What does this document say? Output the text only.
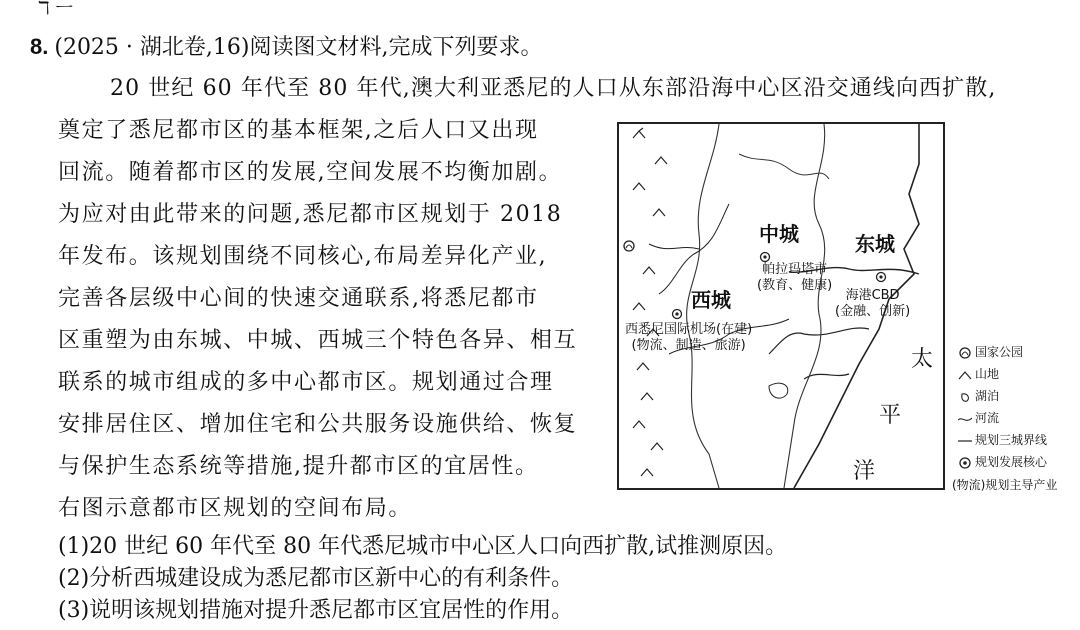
ℸ ㅡ
8. (2025 · 湖北卷,16)阅读图文材料,完成下列要求。
20 世纪 60 年代至 80 年代,澳大利亚悉尼的人口从东部沿海中心区沿交通线向西扩散,
奠定了悉尼都市区的基本框架,之后人口又出现
回流。随着都市区的发展,空间发展不均衡加剧。
为应对由此带来的问题,悉尼都市区规划于 2018
年发布。该规划围绕不同核心,布局差异化产业,
完善各层级中心间的快速交通联系,将悉尼都市
区重塑为由东城、中城、西城三个特色各异、相互
联系的城市组成的多中心都市区。规划通过合理
安排居住区、增加住宅和公共服务设施供给、恢复
与保护生态系统等措施,提升都市区的宜居性。
右图示意都市区规划的空间布局。
(1)20 世纪 60 年代至 80 年代悉尼城市中心区人口向西扩散,试推测原因。
(2)分析西城建设成为悉尼都市区新中心的有利条件。
(3)说明该规划措施对提升悉尼都市区宜居性的作用。
中城	东城
西城
帕拉玛塔市
(教育、健康)
海港CBD
(金融、创新)
西悉尼国际机场(在建)
(物流、制造、旅游)
太
平
洋
国家公园
山地
湖泊
河流
规划三城界线
规划发展核心
(物流)规划主导产业
